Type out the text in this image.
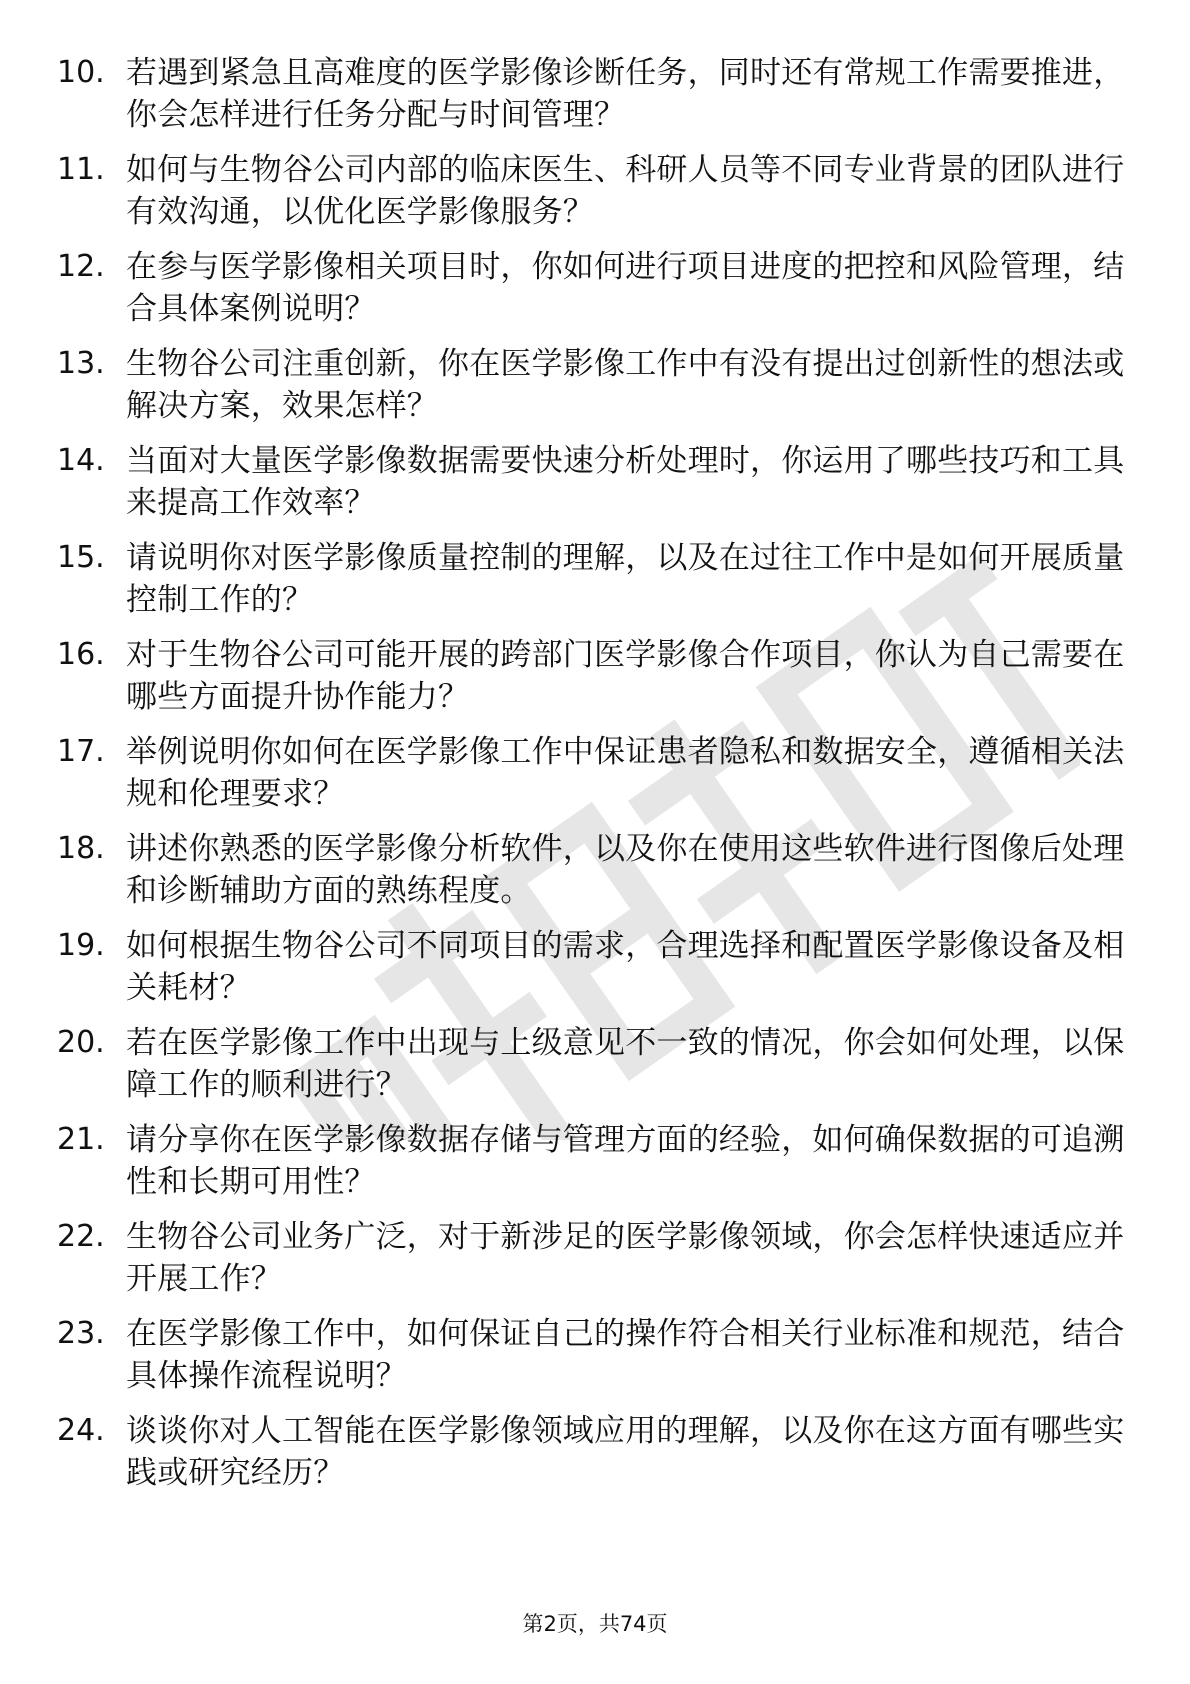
10. 若遇到紧急且高难度的医学影像诊断任务，同时还有常规工作需要推进，你会怎样进行任务分配与时间管理？
11. 如何与生物谷公司内部的临床医生、科研人员等不同专业背景的团队进行有效沟通，以优化医学影像服务？
12. 在参与医学影像相关项目时，你如何进行项目进度的把控和风险管理，结合具体案例说明？
13. 生物谷公司注重创新，你在医学影像工作中有没有提出过创新性的想法或解决方案，效果怎样？
14. 当面对大量医学影像数据需要快速分析处理时，你运用了哪些技巧和工具来提高工作效率？
15. 请说明你对医学影像质量控制的理解，以及在过往工作中是如何开展质量控制工作的？
16. 对于生物谷公司可能开展的跨部门医学影像合作项目，你认为自己需要在哪些方面提升协作能力？
17. 举例说明你如何在医学影像工作中保证患者隐私和数据安全，遵循相关法规和伦理要求？
18. 讲述你熟悉的医学影像分析软件，以及你在使用这些软件进行图像后处理和诊断辅助方面的熟练程度。
19. 如何根据生物谷公司不同项目的需求，合理选择和配置医学影像设备及相关耗材？
20. 若在医学影像工作中出现与上级意见不一致的情况，你会如何处理，以保障工作的顺利进行？
21. 请分享你在医学影像数据存储与管理方面的经验，如何确保数据的可追溯性和长期可用性？
22. 生物谷公司业务广泛，对于新涉足的医学影像领域，你会怎样快速适应并开展工作？
23. 在医学影像工作中，如何保证自己的操作符合相关行业标准和规范，结合具体操作流程说明？
24. 谈谈你对人工智能在医学影像领域应用的理解，以及你在这方面有哪些实践或研究经历？
第2页，共74页
